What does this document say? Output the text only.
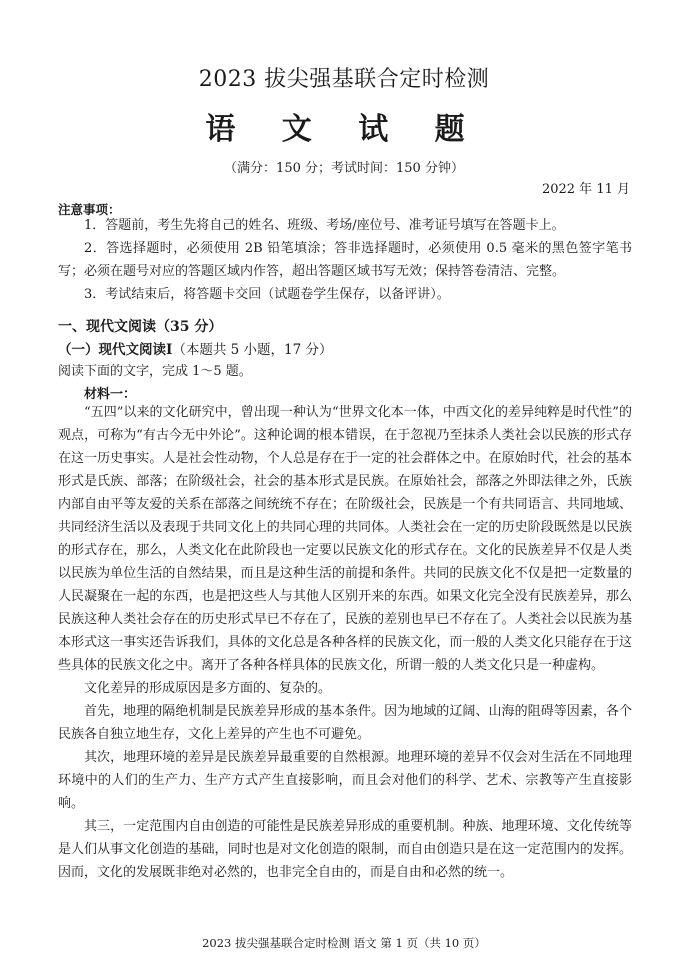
2023 拔尖强基联合定时检测
语 文 试 题
（满分：150 分；考试时间：150 分钟）
2022 年 11 月
注意事项：

1．答题前，考生先将自己的姓名、班级、考场/座位号、准考证号填写在答题卡上。

2．答选择题时，必须使用 2B 铅笔填涂；答非选择题时，必须使用 0.5 毫米的黑色签字笔书写；必须在题号对应的答题区域内作答，超出答题区域书写无效；保持答卷清洁、完整。

3．考试结束后，将答题卡交回（试题卷学生保存，以备评讲）。

一、现代文阅读（35 分）
（一）现代文阅读I（本题共 5 小题，17 分）
阅读下面的文字，完成 1～5 题。
材料一：

“五四”以来的文化研究中，曾出现一种认为“世界文化本一体，中西文化的差异纯粹是时代性”的观点，可称为“有古今无中外论”。这种论调的根本错误，在于忽视乃至抹杀人类社会以民族的形式存在这一历史事实。人是社会性动物，个人总是存在于一定的社会群体之中。在原始时代，社会的基本形式是氏族、部落；在阶级社会，社会的基本形式是民族。在原始社会，部落之外即法律之外，氏族内部自由平等友爱的关系在部落之间统统不存在；在阶级社会，民族是一个有共同语言、共同地域、共同经济生活以及表现于共同文化上的共同心理的共同体。人类社会在一定的历史阶段既然是以民族的形式存在，那么，人类文化在此阶段也一定要以民族文化的形式存在。文化的民族差异不仅是人类以民族为单位生活的自然结果，而且是这种生活的前提和条件。共同的民族文化不仅是把一定数量的人民凝聚在一起的东西，也是把这些人与其他人区别开来的东西。如果文化完全没有民族差异，那么民族这种人类社会存在的历史形式早已不存在了，民族的差别也早已不存在了。人类社会以民族为基本形式这一事实还告诉我们，具体的文化总是各种各样的民族文化，而一般的人类文化只能存在于这些具体的民族文化之中。离开了各种各样具体的民族文化，所谓一般的人类文化只是一种虚构。

文化差异的形成原因是多方面的、复杂的。

首先，地理的隔绝机制是民族差异形成的基本条件。因为地域的辽阔、山海的阻碍等因素，各个民族各自独立地生存，文化上差异的产生也不可避免。

其次，地理环境的差异是民族差异最重要的自然根源。地理环境的差异不仅会对生活在不同地理环境中的人们的生产力、生产方式产生直接影响，而且会对他们的科学、艺术、宗教等产生直接影响。

其三，一定范围内自由创造的可能性是民族差异形成的重要机制。种族、地理环境、文化传统等是人们从事文化创造的基础，同时也是对文化创造的限制，而自由创造只是在这一定范围内的发挥。因而，文化的发展既非绝对必然的，也非完全自由的，而是自由和必然的统一。

2023 拔尖强基联合定时检测 语文 第 1 页（共 10 页）
